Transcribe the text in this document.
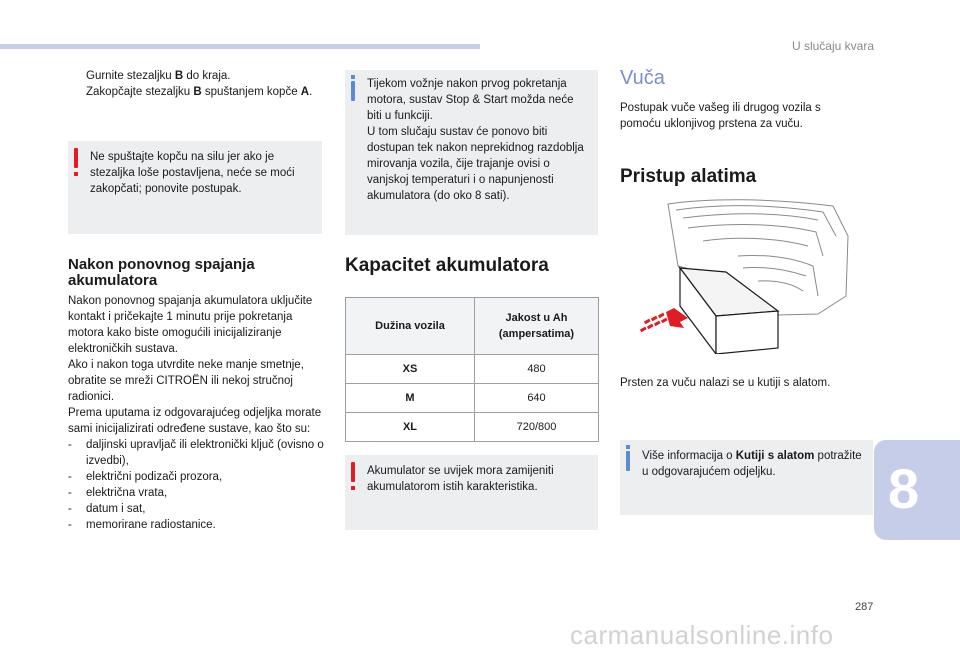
U slučaju kvara
Gurnite stezaljku B do kraja.
Zakopčajte stezaljku B spuštanjem kopče A.
Ne spuštajte kopču na silu jer ako je stezaljka loše postavljena, neće se moći zakopčati; ponovite postupak.
Nakon ponovnog spajanja akumulatora

Nakon ponovnog spajanja akumulatora uključite kontakt i pričekajte 1 minutu prije pokretanja motora kako biste omogućili inicijaliziranje elektroničkih sustava.

Ako i nakon toga utvrdite neke manje smetnje, obratite se mreži CITROËN ili nekoj stručnoj radionici.

Prema uputama iz odgovarajućeg odjeljka morate sami inicijalizirati određene sustave, kao što su:

-	daljinski upravljač ili elektronički ključ (ovisno o izvedbi),
-	električni podizači prozora,
-	električna vrata,
-	datum i sat,
-	memorirane radiostanice.
Tijekom vožnje nakon prvog pokretanja motora, sustav Stop & Start možda neće biti u funkciji.
U tom slučaju sustav će ponovo biti dostupan tek nakon neprekidnog razdoblja mirovanja vozila, čije trajanje ovisi o vanjskoj temperaturi i o napunjenosti akumulatora (do oko 8 sati).
Kapacitet akumulatora
Dužina vozila	Jakost u Ah (ampersatima)
XS	480
M	640
XL	720/800
Akumulator se uvijek mora zamijeniti akumulatorom istih karakteristika.
Vuča
Postupak vuče vašeg ili drugog vozila s pomoću uklonjivog prstena za vuču.
Pristup alatima
Prsten za vuču nalazi se u kutiji s alatom.
Više informacija o Kutiji s alatom potražite u odgovarajućem odjeljku.	8
287
carmanualsonline.info
